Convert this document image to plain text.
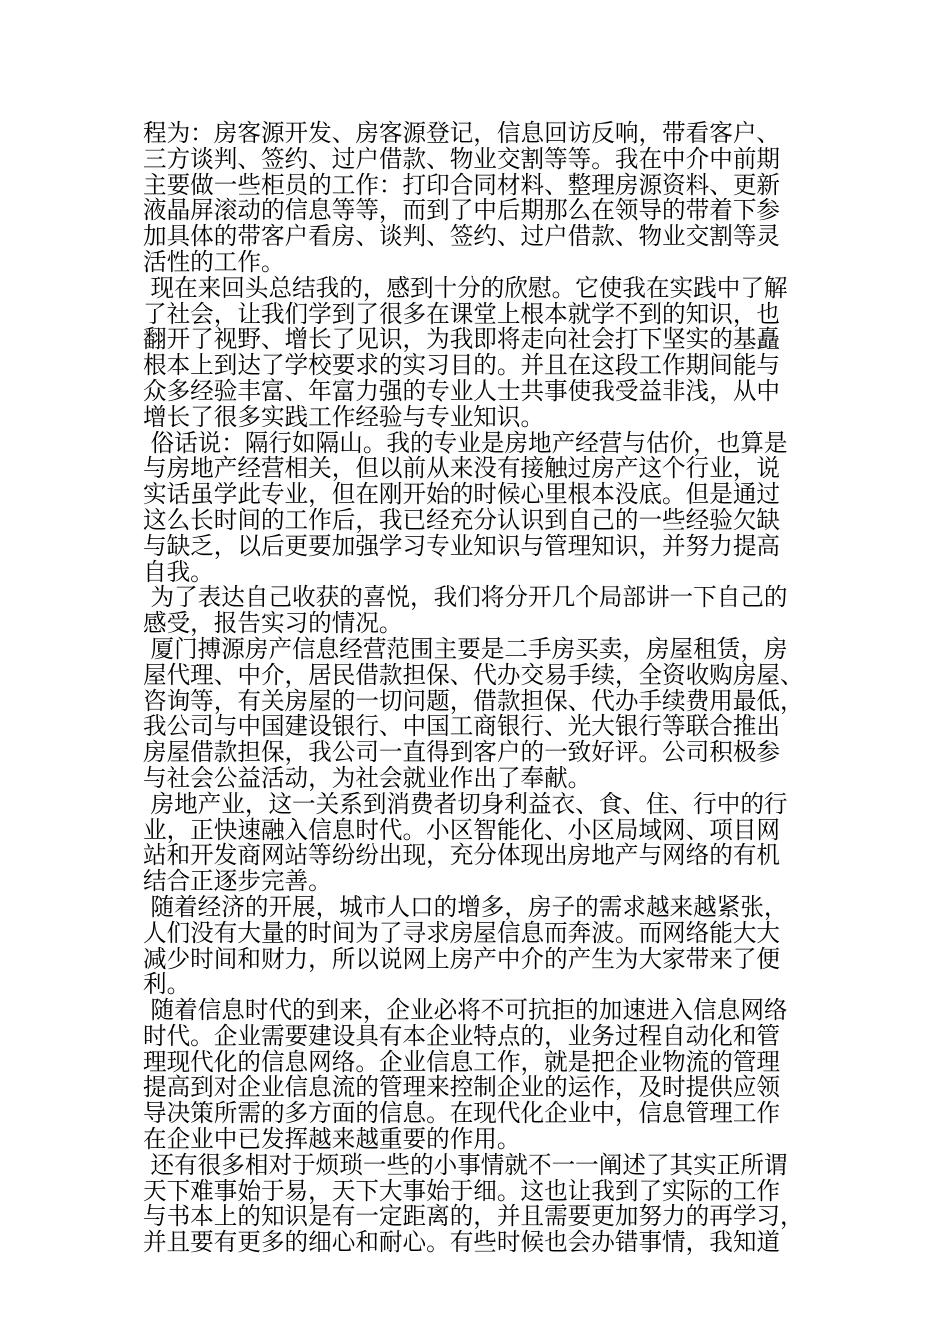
程为：房客源开发、房客源登记，信息回访反响，带看客户、
三方谈判、签约、过户借款、物业交割等等。我在中介中前期
主要做一些柜员的工作：打印合同材料、整理房源资料、更新
液晶屏滚动的信息等等，而到了中后期那么在领导的带着下参
加具体的带客户看房、谈判、签约、过户借款、物业交割等灵
活性的工作。
现在来回头总结我的，感到十分的欣慰。它使我在实践中了解
了社会，让我们学到了很多在课堂上根本就学不到的知识，也
翻开了视野、增长了见识，为我即将走向社会打下坚实的基矗
根本上到达了学校要求的实习目的。并且在这段工作期间能与
众多经验丰富、年富力强的专业人士共事使我受益非浅，从中
增长了很多实践工作经验与专业知识。
俗话说：隔行如隔山。我的专业是房地产经营与估价，也算是
与房地产经营相关，但以前从来没有接触过房产这个行业，说
实话虽学此专业，但在刚开始的时候心里根本没底。但是通过
这么长时间的工作后，我已经充分认识到自己的一些经验欠缺
与缺乏，以后更要加强学习专业知识与管理知识，并努力提高
自我。
为了表达自己收获的喜悦，我们将分开几个局部讲一下自己的
感受，报告实习的情况。
厦门搏源房产信息经营范围主要是二手房买卖，房屋租赁，房
屋代理、中介，居民借款担保、代办交易手续，全资收购房屋、
咨询等，有关房屋的一切问题，借款担保、代办手续费用最低，
我公司与中国建设银行、中国工商银行、光大银行等联合推出
房屋借款担保，我公司一直得到客户的一致好评。公司积极参
与社会公益活动，为社会就业作出了奉献。
房地产业，这一关系到消费者切身利益衣、食、住、行中的行
业，正快速融入信息时代。小区智能化、小区局域网、项目网
站和开发商网站等纷纷出现，充分体现出房地产与网络的有机
结合正逐步完善。
随着经济的开展，城市人口的增多，房子的需求越来越紧张，
人们没有大量的时间为了寻求房屋信息而奔波。而网络能大大
减少时间和财力，所以说网上房产中介的产生为大家带来了便
利。
随着信息时代的到来，企业必将不可抗拒的加速进入信息网络
时代。企业需要建设具有本企业特点的，业务过程自动化和管
理现代化的信息网络。企业信息工作，就是把企业物流的管理
提高到对企业信息流的管理来控制企业的运作，及时提供应领
导决策所需的多方面的信息。在现代化企业中，信息管理工作
在企业中已发挥越来越重要的作用。
还有很多相对于烦琐一些的小事情就不一一阐述了其实正所谓
天下难事始于易，天下大事始于细。这也让我到了实际的工作
与书本上的知识是有一定距离的，并且需要更加努力的再学习，
并且要有更多的细心和耐心。有些时候也会办错事情，我知道
